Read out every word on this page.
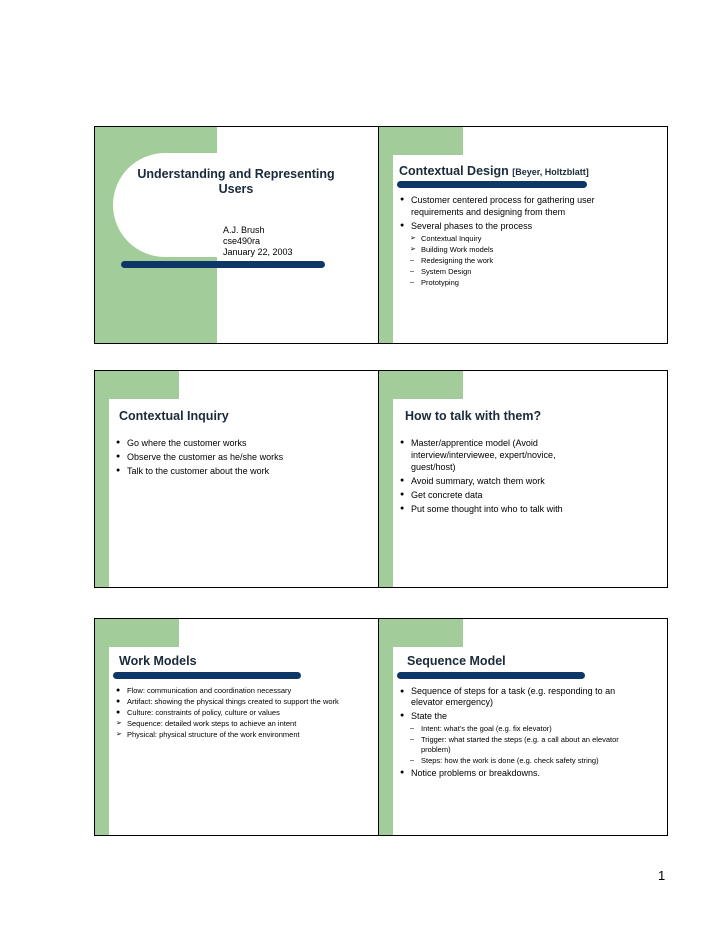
Understanding and Representing Users
A.J. Brush
cse490ra
January 22, 2003
Contextual Design [Beyer, Holtzblatt]
● Customer centered process for gathering user requirements and designing from them
● Several phases to the process
➢ Contextual Inquiry
➢ Building Work models
– Redesigning the work
– System Design
– Prototyping
Contextual Inquiry
● Go where the customer works
● Observe the customer as he/she works
● Talk to the customer about the work
How to talk with them?
● Master/apprentice model (Avoid interview/interviewee, expert/novice, guest/host)
● Avoid summary, watch them work
● Get concrete data
● Put some thought into who to talk with
Work Models
● Flow: communication and coordination necessary
● Artifact: showing the physical things created to support the work
● Culture: constraints of policy, culture or values
➢ Sequence: detailed work steps to achieve an intent
➢ Physical: physical structure of the work environment
Sequence Model
● Sequence of steps for a task (e.g. responding to an elevator emergency)
● State the
– Intent: what’s the goal (e.g. fix elevator)
– Trigger: what started the steps (e.g. a call about an elevator problem)
– Steps: how the work is done (e.g. check safety string)
● Notice problems or breakdowns.
1
